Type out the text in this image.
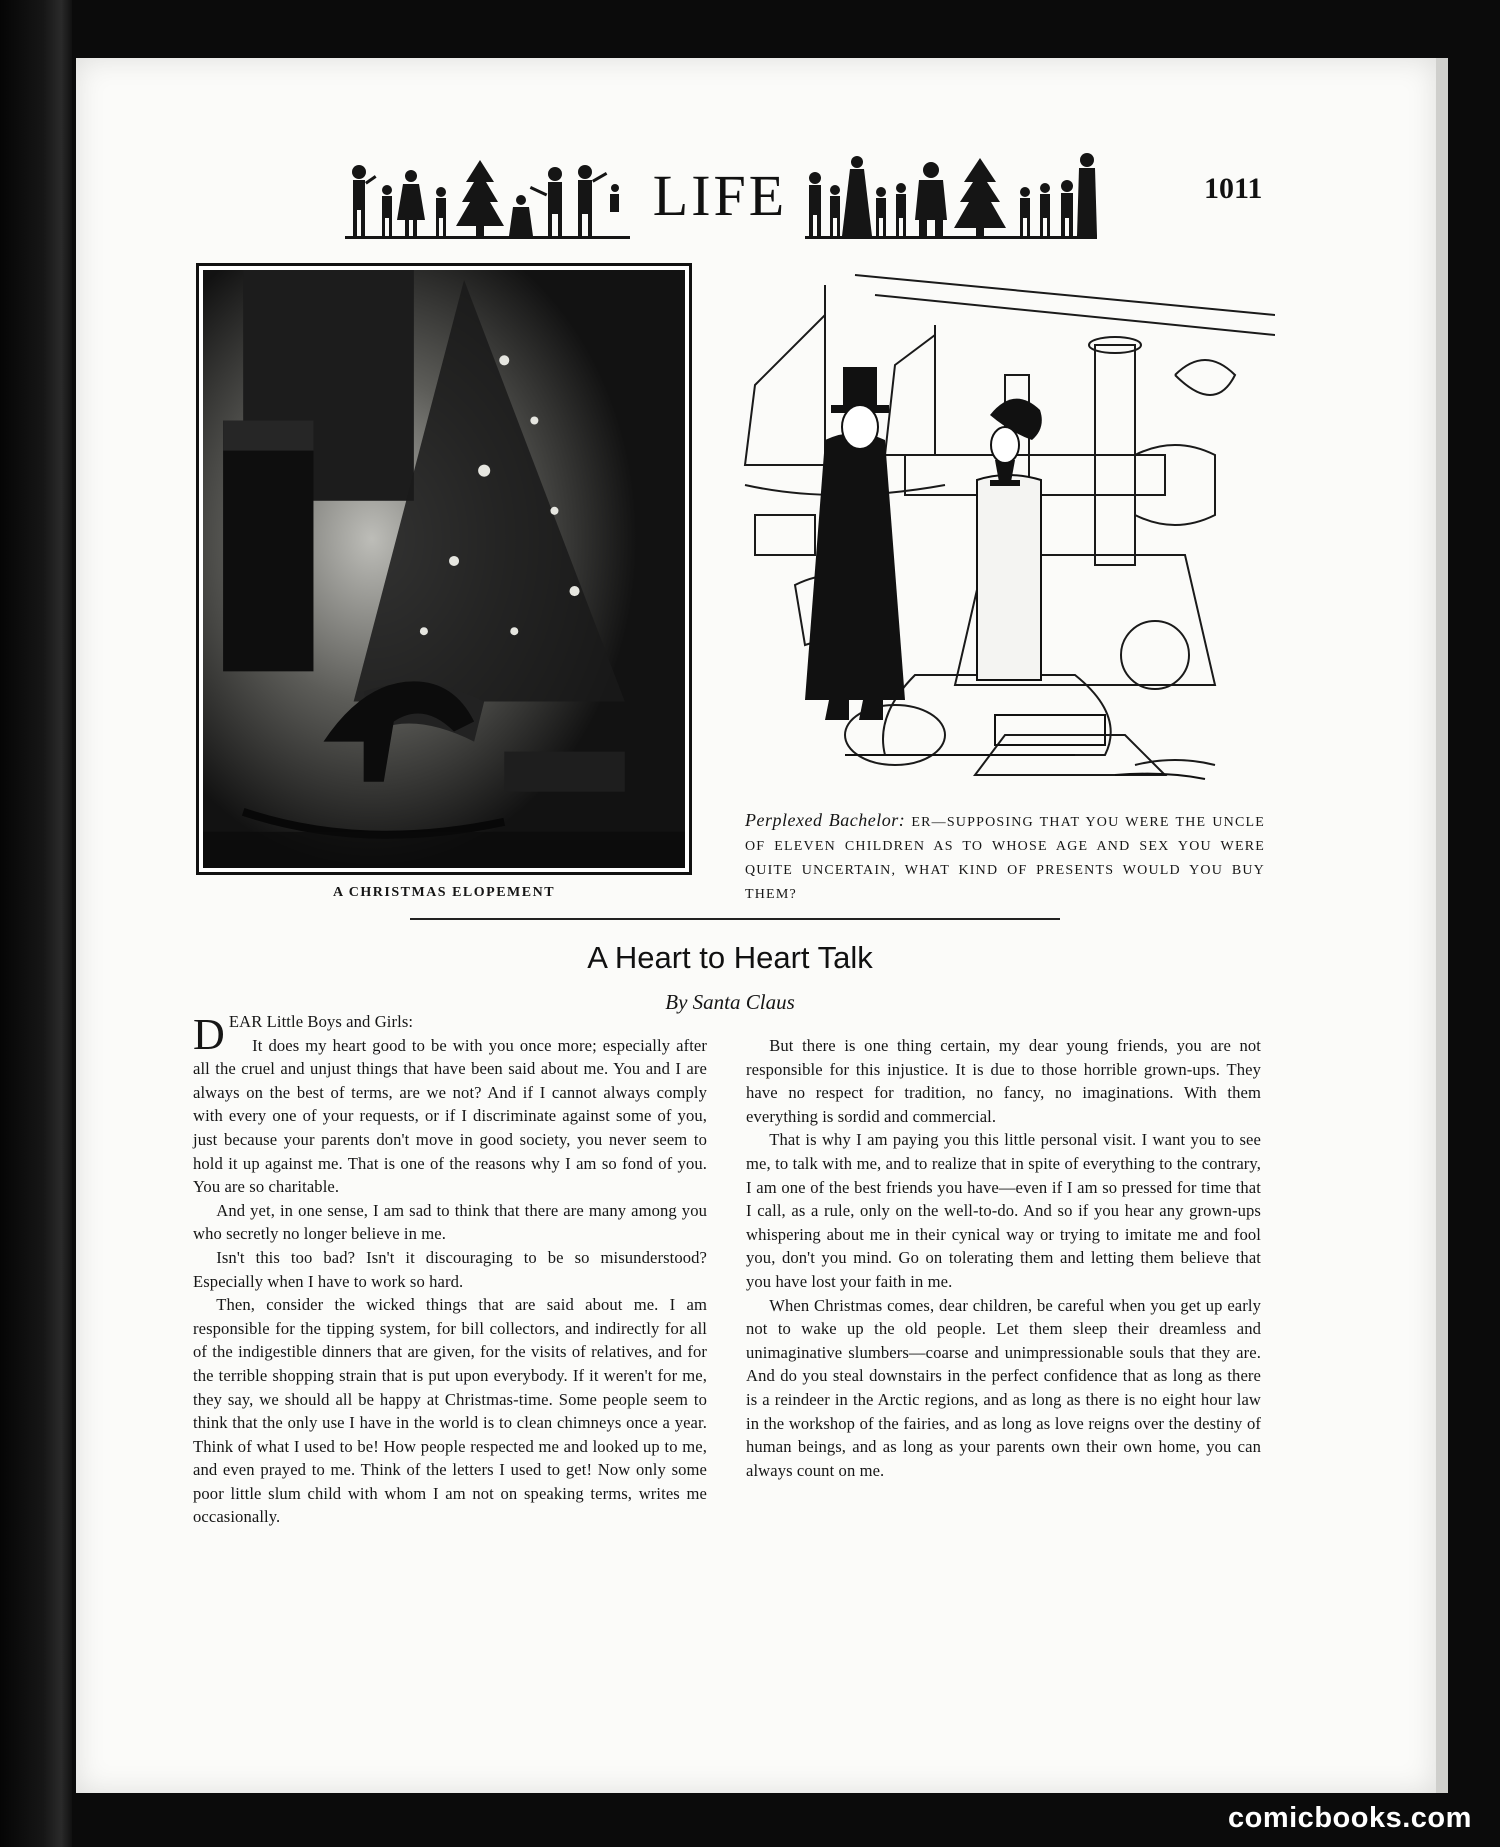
LIFE	1011
A CHRISTMAS ELOPEMENT
Perplexed Bachelor: ER—SUPPOSING THAT YOU WERE THE UNCLE OF ELEVEN CHILDREN AS TO WHOSE AGE AND SEX YOU WERE QUITE UNCERTAIN, WHAT KIND OF PRESENTS WOULD YOU BUY THEM?
A Heart to Heart Talk
By Santa Claus

DEAR Little Boys and Girls:

It does my heart good to be with you once more; especially after all the cruel and unjust things that have been said about me. You and I are always on the best of terms, are we not? And if I cannot always comply with every one of your requests, or if I discriminate against some of you, just because your parents don't move in good society, you never seem to hold it up against me. That is one of the reasons why I am so fond of you. You are so charitable.

And yet, in one sense, I am sad to think that there are many among you who secretly no longer believe in me.

Isn't this too bad? Isn't it discouraging to be so misunderstood? Especially when I have to work so hard.

Then, consider the wicked things that are said about me. I am responsible for the tipping system, for bill collectors, and indirectly for all of the indigestible dinners that are given, for the visits of relatives, and for the terrible shopping strain that is put upon everybody. If it weren't for me, they say, we should all be happy at Christmas-time. Some people seem to think that the only use I have in the world is to clean chimneys once a year. Think of what I used to be! How people respected me and looked up to me, and even prayed to me. Think of the letters I used to get! Now only some poor little slum child with whom I am not on speaking terms, writes me occasionally.

But there is one thing certain, my dear young friends, you are not responsible for this injustice. It is due to those horrible grown-ups. They have no respect for tradition, no fancy, no imaginations. With them everything is sordid and commercial.

That is why I am paying you this little personal visit. I want you to see me, to talk with me, and to realize that in spite of everything to the contrary, I am one of the best friends you have—even if I am so pressed for time that I call, as a rule, only on the well-to-do. And so if you hear any grown-ups whispering about me in their cynical way or trying to imitate me and fool you, don't you mind. Go on tolerating them and letting them believe that you have lost your faith in me.

When Christmas comes, dear children, be careful when you get up early not to wake up the old people. Let them sleep their dreamless and unimaginative slumbers—coarse and unimpressionable souls that they are. And do you steal downstairs in the perfect confidence that as long as there is a reindeer in the Arctic regions, and as long as there is no eight hour law in the workshop of the fairies, and as long as love reigns over the destiny of human beings, and as long as your parents own their own home, you can always count on me.

comicbooks.com
